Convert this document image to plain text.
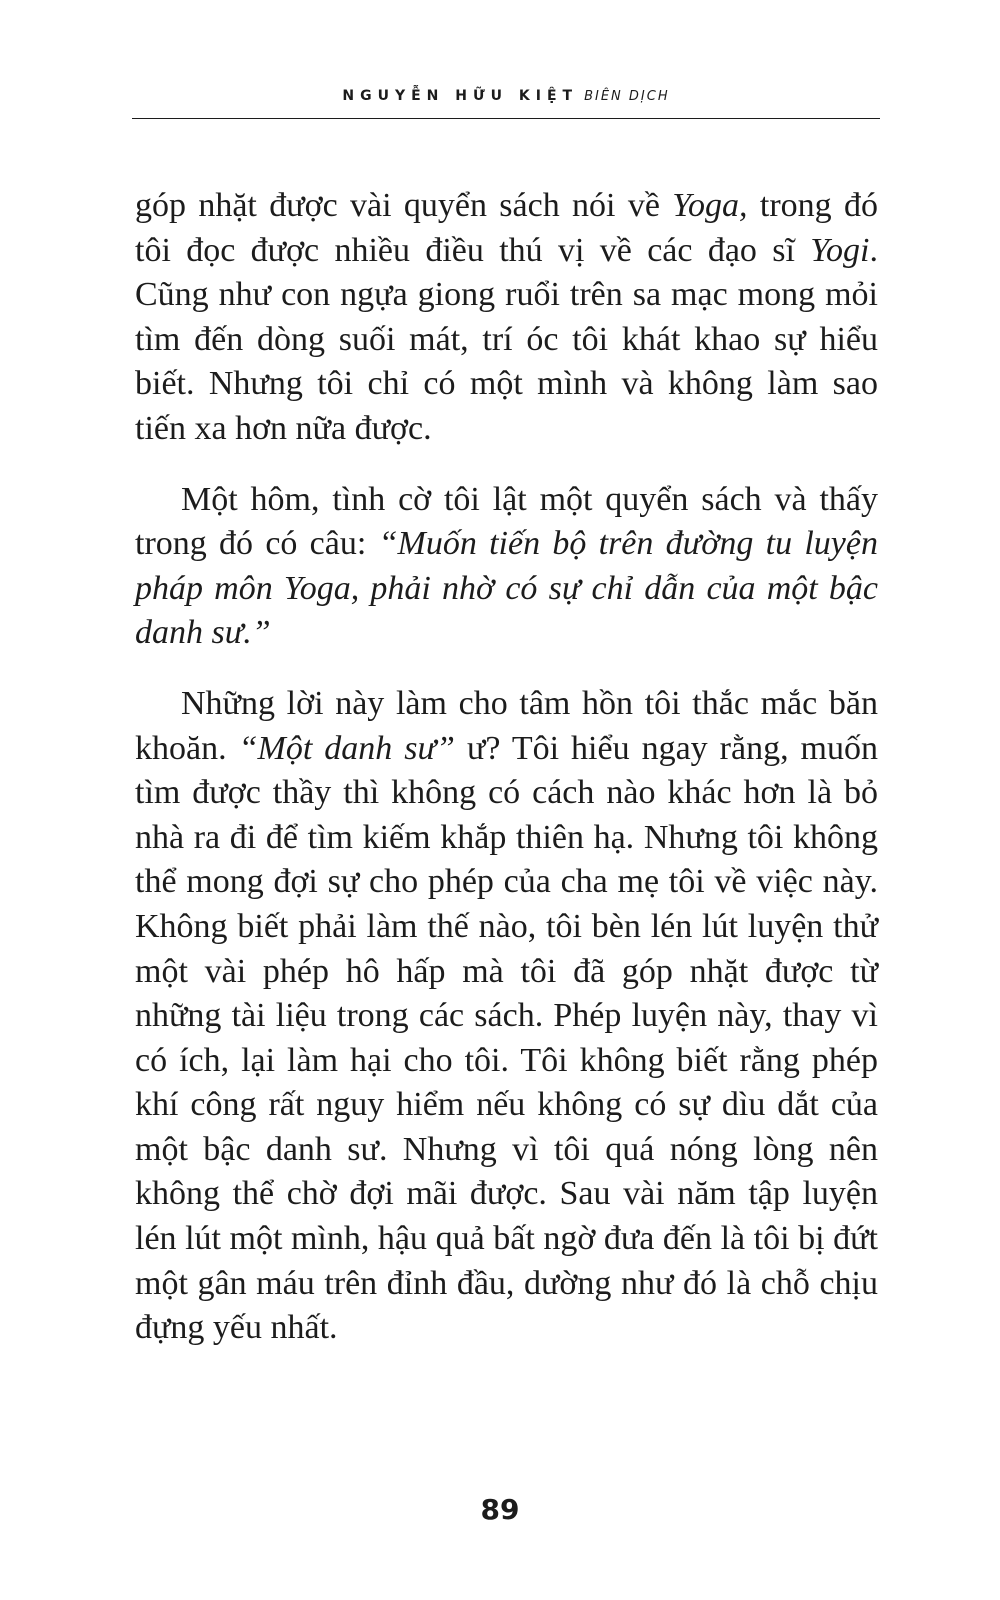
NGUYỄN HỮU KIỆT BIÊN DỊCH

góp nhặt được vài quyển sách nói về Yoga, trong đó tôi đọc được nhiều điều thú vị về các đạo sĩ Yogi. Cũng như con ngựa giong ruổi trên sa mạc mong mỏi tìm đến dòng suối mát, trí óc tôi khát khao sự hiểu biết. Nhưng tôi chỉ có một mình và không làm sao tiến xa hơn nữa được.

Một hôm, tình cờ tôi lật một quyển sách và thấy trong đó có câu: “Muốn tiến bộ trên đường tu luyện pháp môn Yoga, phải nhờ có sự chỉ dẫn của một bậc danh sư.”

Những lời này làm cho tâm hồn tôi thắc mắc băn khoăn. “Một danh sư” ư? Tôi hiểu ngay rằng, muốn tìm được thầy thì không có cách nào khác hơn là bỏ nhà ra đi để tìm kiếm khắp thiên hạ. Nhưng tôi không thể mong đợi sự cho phép của cha mẹ tôi về việc này. Không biết phải làm thế nào, tôi bèn lén lút luyện thử một vài phép hô hấp mà tôi đã góp nhặt được từ những tài liệu trong các sách. Phép luyện này, thay vì có ích, lại làm hại cho tôi. Tôi không biết rằng phép khí công rất nguy hiểm nếu không có sự dìu dắt của một bậc danh sư. Nhưng vì tôi quá nóng lòng nên không thể chờ đợi mãi được. Sau vài năm tập luyện lén lút một mình, hậu quả bất ngờ đưa đến là tôi bị đứt một gân máu trên đỉnh đầu, dường như đó là chỗ chịu đựng yếu nhất.

89
